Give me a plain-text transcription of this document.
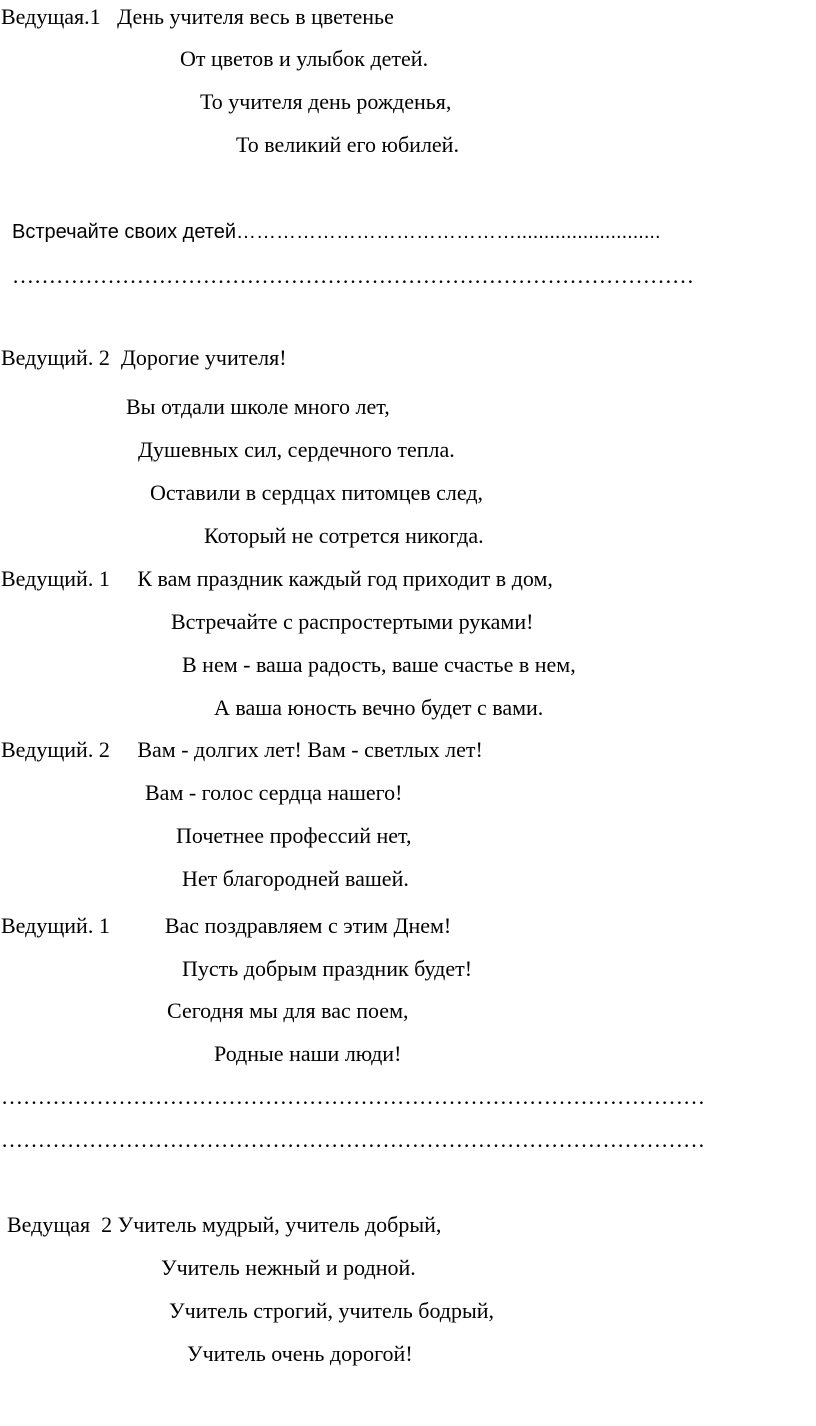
Ведущая.1   День учителя весь в цветенье
От цветов и улыбок детей.
То учителя день рожденья,
То великий его юбилей.
Встречайте своих детей……………………………………..........................
…………………………………………………………………………………
Ведущий. 2  Дорогие учителя!
Вы отдали школе много лет,
Душевных сил, сердечного тепла.
Оставили в сердцах питомцев след,
Который не сотрется никогда.
Ведущий. 1     К вам праздник каждый год приходит в дом,
Встречайте с распростертыми руками!
В нем - ваша радость, ваше счастье в нем,
А ваша юность вечно будет с вами.
Ведущий. 2     Вам - долгих лет! Вам - светлых лет!
Вам - голос сердца нашего!
Почетнее профессий нет,
Нет благородней вашей.
Ведущий. 1          Вас поздравляем с этим Днем!
Пусть добрым праздник будет!
Сегодня мы для вас поем,
Родные наши люди!
……………………………………………………………………………………
……………………………………………………………………………………
Ведущая  2 Учитель мудрый, учитель добрый,
Учитель нежный и родной.
Учитель строгий, учитель бодрый,
Учитель очень дорогой!
